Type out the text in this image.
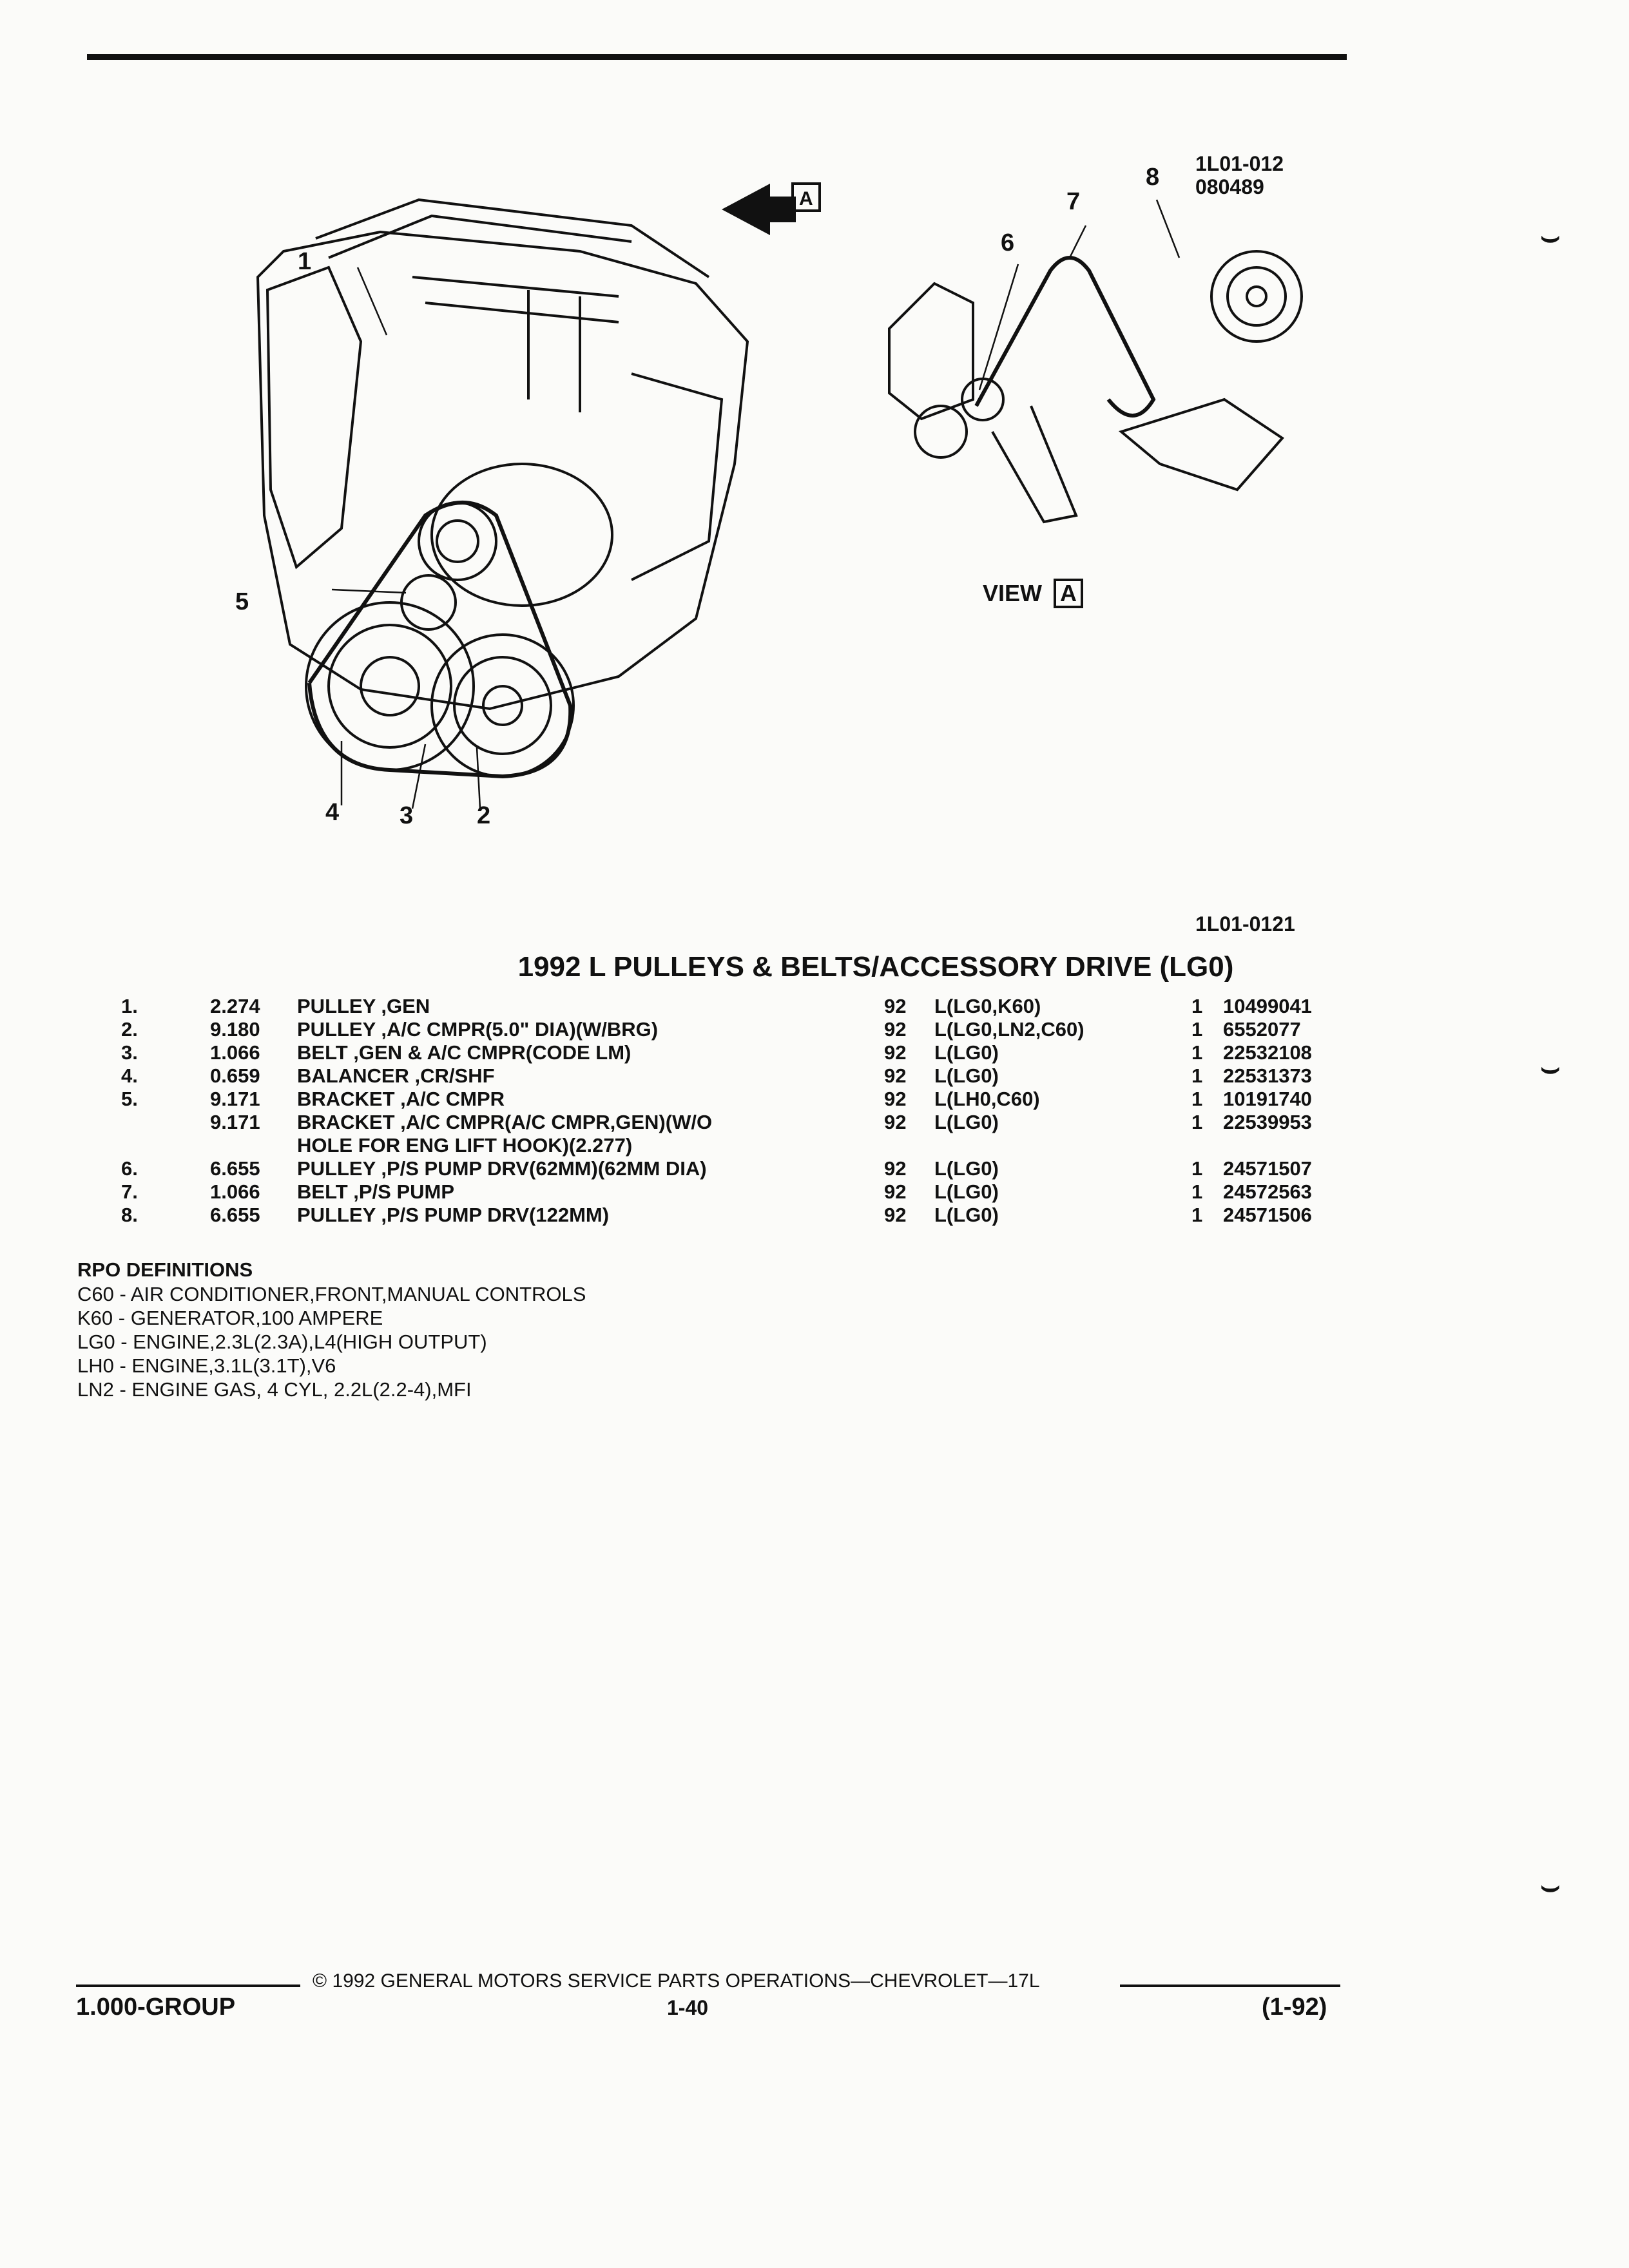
1L01-012
080489
A
1
2
3
4
5
6
7
8
VIEW A
1L01-0121
1992 L PULLEYS & BELTS/ACCESSORY DRIVE (LG0)
1.	2.274 PULLEY ,GEN	92 L(LG0,K60)	1 10499041
2.	9.180 PULLEY ,A/C CMPR(5.0" DIA)(W/BRG)	92 L(LG0,LN2,C60)	1 6552077
3.	1.066 BELT ,GEN & A/C CMPR(CODE LM)	92 L(LG0)	1 22532108
4.	0.659 BALANCER ,CR/SHF	92 L(LG0)	1 22531373
5.	9.171 BRACKET ,A/C CMPR	92 L(LH0,C60)	1 10191740
9.171 BRACKET ,A/C CMPR(A/C CMPR,GEN)(W/O	92 L(LG0)	1 22539953
HOLE FOR ENG LIFT HOOK)(2.277)
6.	6.655 PULLEY ,P/S PUMP DRV(62MM)(62MM DIA)	92 L(LG0)	1 24571507
7.	1.066 BELT ,P/S PUMP	92 L(LG0)	1 24572563
8.	6.655 PULLEY ,P/S PUMP DRV(122MM)	92 L(LG0)	1 24571506
RPO DEFINITIONS
C60 - AIR CONDITIONER,FRONT,MANUAL CONTROLS
K60 - GENERATOR,100 AMPERE
LG0 - ENGINE,2.3L(2.3A),L4(HIGH OUTPUT)
LH0 - ENGINE,3.1L(3.1T),V6
LN2 - ENGINE GAS, 4 CYL, 2.2L(2.2-4),MFI
⌣
⌣
⌣
© 1992 GENERAL MOTORS SERVICE PARTS OPERATIONS—CHEVROLET—17L
1.000-GROUP	1-40	(1-92)
